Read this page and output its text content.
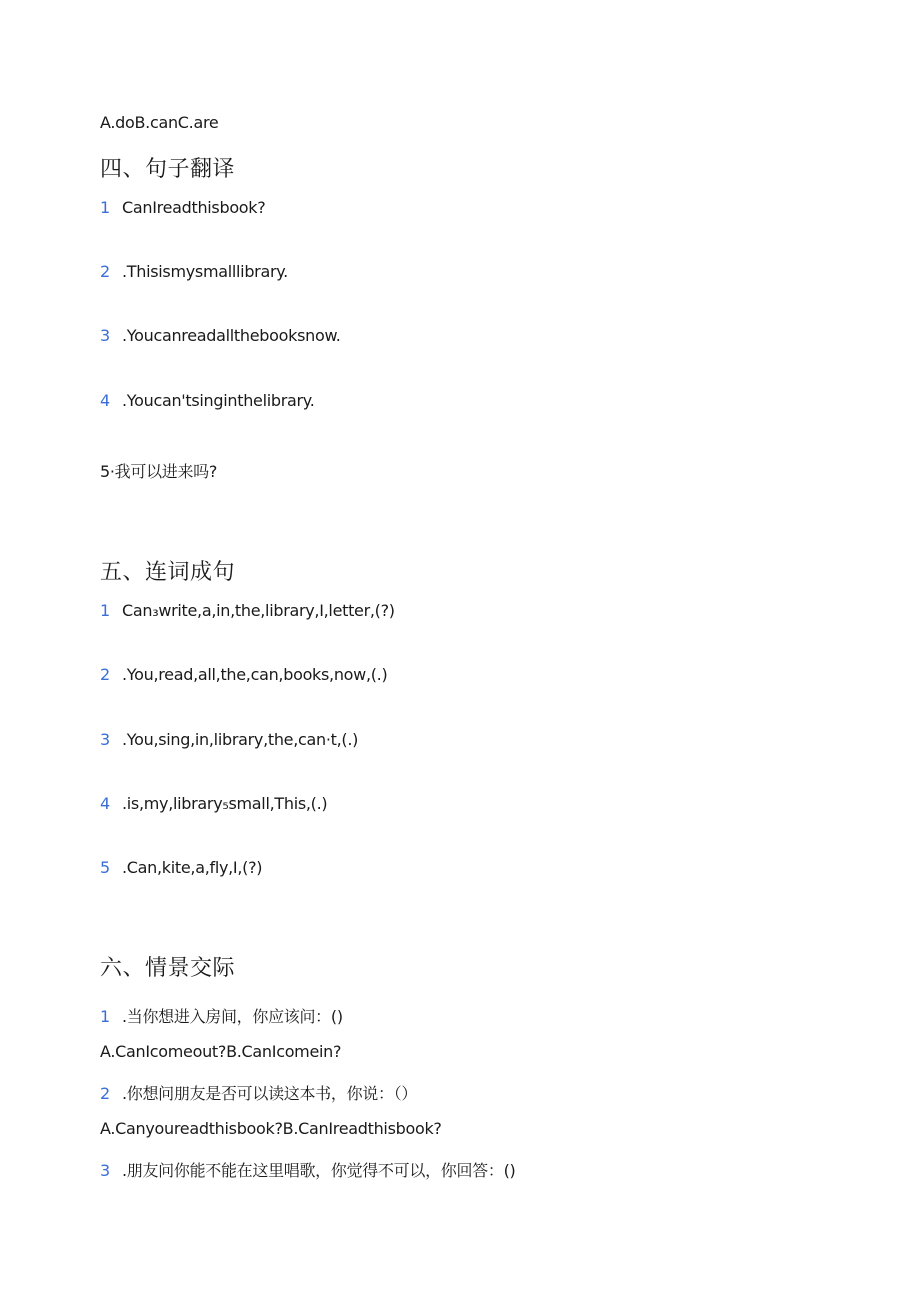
A.doB.canC.are
四、句子翻译
1 CanIreadthisbook?
2 .Thisismysmalllibrary.
3 .Youcanreadallthebooksnow.
4 .Youcan'tsinginthelibrary.
5·我可以进来吗?
五、连词成句
1 Can₃write,a,in,the,library,I,letter,(?)
2 .You,read,all,the,can,books,now,(.)
3 .You,sing,in,library,the,can·t,(.)
4 .is,my,library₅small,This,(.)
5 .Can,kite,a,fly,I,(?)
六、情景交际
1 .当你想进入房间，你应该问：()
A.CanIcomeout?B.CanIcomein?
2 .你想问朋友是否可以读这本书，你说：（）
A.Canyoureadthisbook?B.CanIreadthisbook?
3 .朋友问你能不能在这里唱歌，你觉得不可以，你回答：()
